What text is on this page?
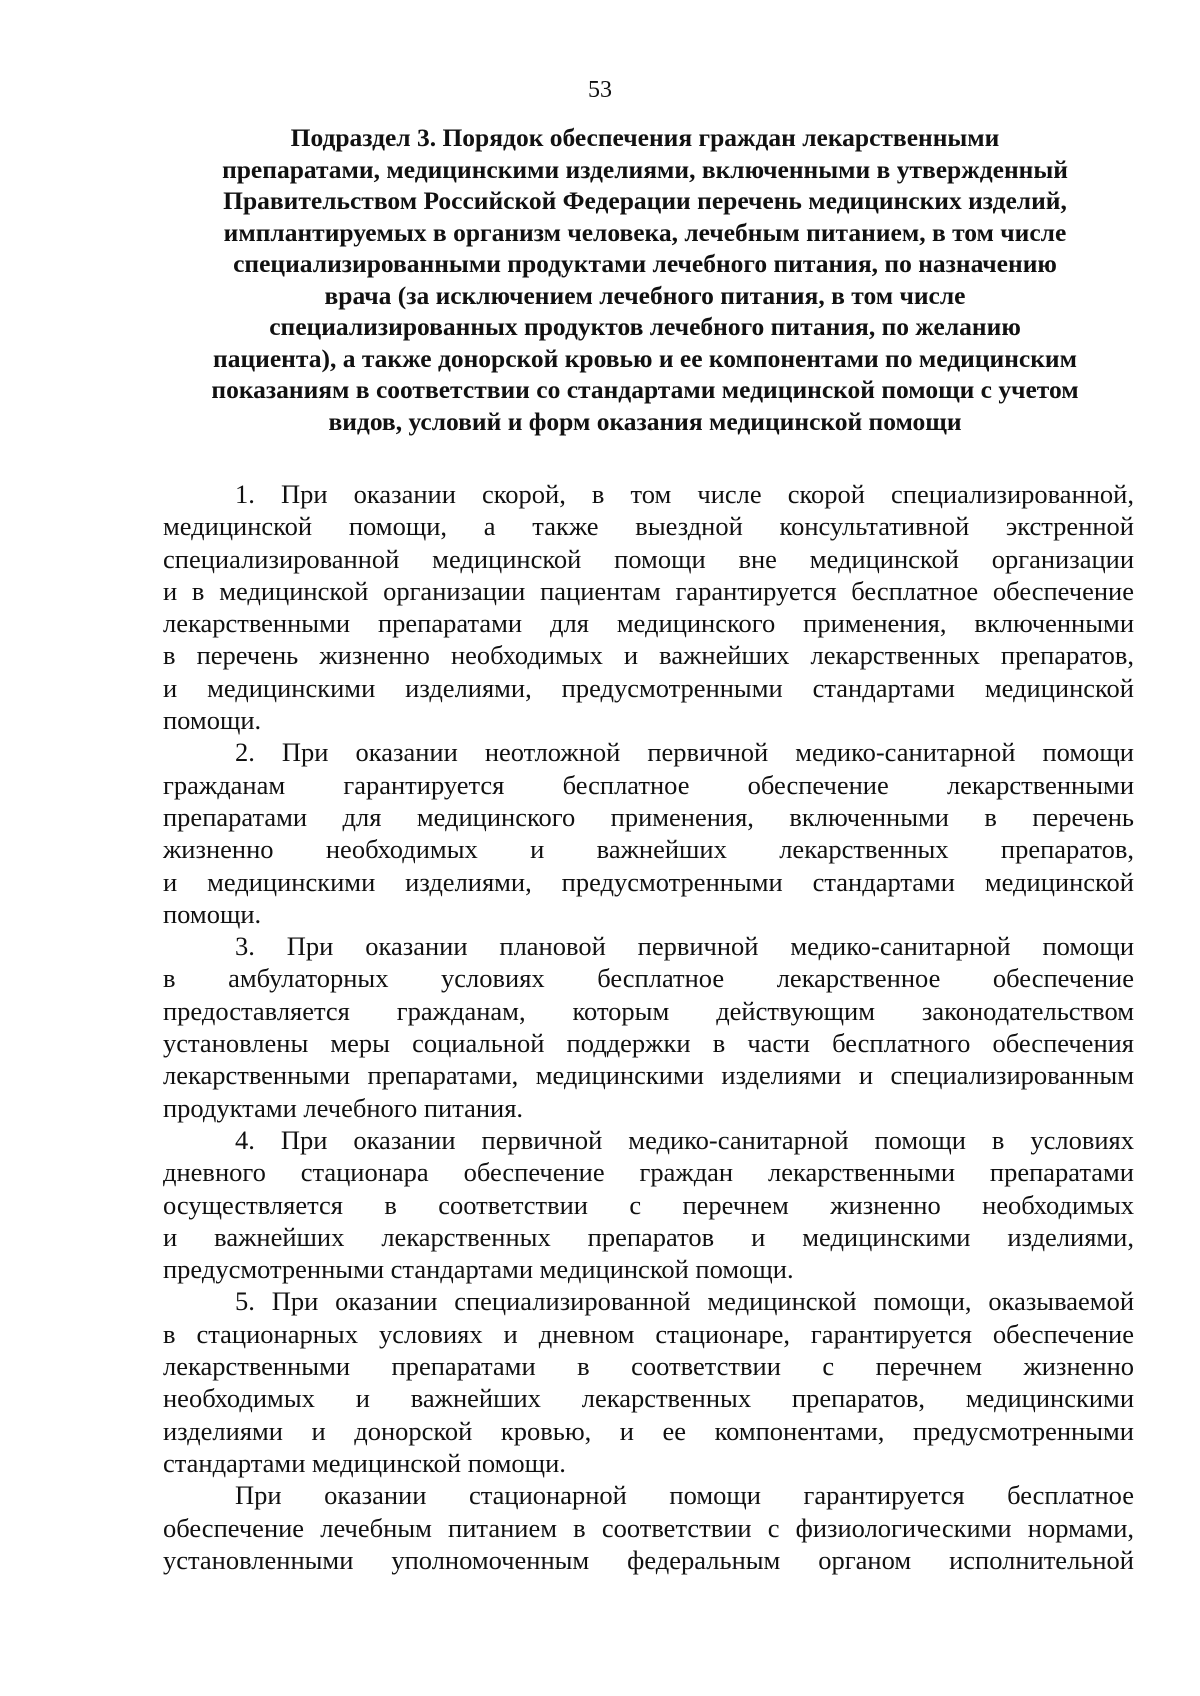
53
Подраздел 3. Порядок обеспечения граждан лекарственными
препаратами, медицинскими изделиями, включенными в утвержденный
Правительством Российской Федерации перечень медицинских изделий,
имплантируемых в организм человека, лечебным питанием, в том числе
специализированными продуктами лечебного питания, по назначению
врача (за исключением лечебного питания, в том числе
специализированных продуктов лечебного питания, по желанию
пациента), а также донорской кровью и ее компонентами по медицинским
показаниям в соответствии со стандартами медицинской помощи с учетом
видов, условий и форм оказания медицинской помощи
1. При оказании скорой, в том числе скорой специализированной,
медицинской помощи, а также выездной консультативной экстренной
специализированной медицинской помощи вне медицинской организации
и в медицинской организации пациентам гарантируется бесплатное обеспечение
лекарственными препаратами для медицинского применения, включенными
в перечень жизненно необходимых и важнейших лекарственных препаратов,
и медицинскими изделиями, предусмотренными стандартами медицинской
помощи.
2. При оказании неотложной первичной медико-санитарной помощи
гражданам гарантируется бесплатное обеспечение лекарственными
препаратами для медицинского применения, включенными в перечень
жизненно необходимых и важнейших лекарственных препаратов,
и медицинскими изделиями, предусмотренными стандартами медицинской
помощи.
3. При оказании плановой первичной медико-санитарной помощи
в амбулаторных условиях бесплатное лекарственное обеспечение
предоставляется гражданам, которым действующим законодательством
установлены меры социальной поддержки в части бесплатного обеспечения
лекарственными препаратами, медицинскими изделиями и специализированным
продуктами лечебного питания.
4. При оказании первичной медико-санитарной помощи в условиях
дневного стационара обеспечение граждан лекарственными препаратами
осуществляется в соответствии с перечнем жизненно необходимых
и важнейших лекарственных препаратов и медицинскими изделиями,
предусмотренными стандартами медицинской помощи.
5. При оказании специализированной медицинской помощи, оказываемой
в стационарных условиях и дневном стационаре, гарантируется обеспечение
лекарственными препаратами в соответствии с перечнем жизненно
необходимых и важнейших лекарственных препаратов, медицинскими
изделиями и донорской кровью, и ее компонентами, предусмотренными
стандартами медицинской помощи.
При оказании стационарной помощи гарантируется бесплатное
обеспечение лечебным питанием в соответствии с физиологическими нормами,
установленными уполномоченным федеральным органом исполнительной
